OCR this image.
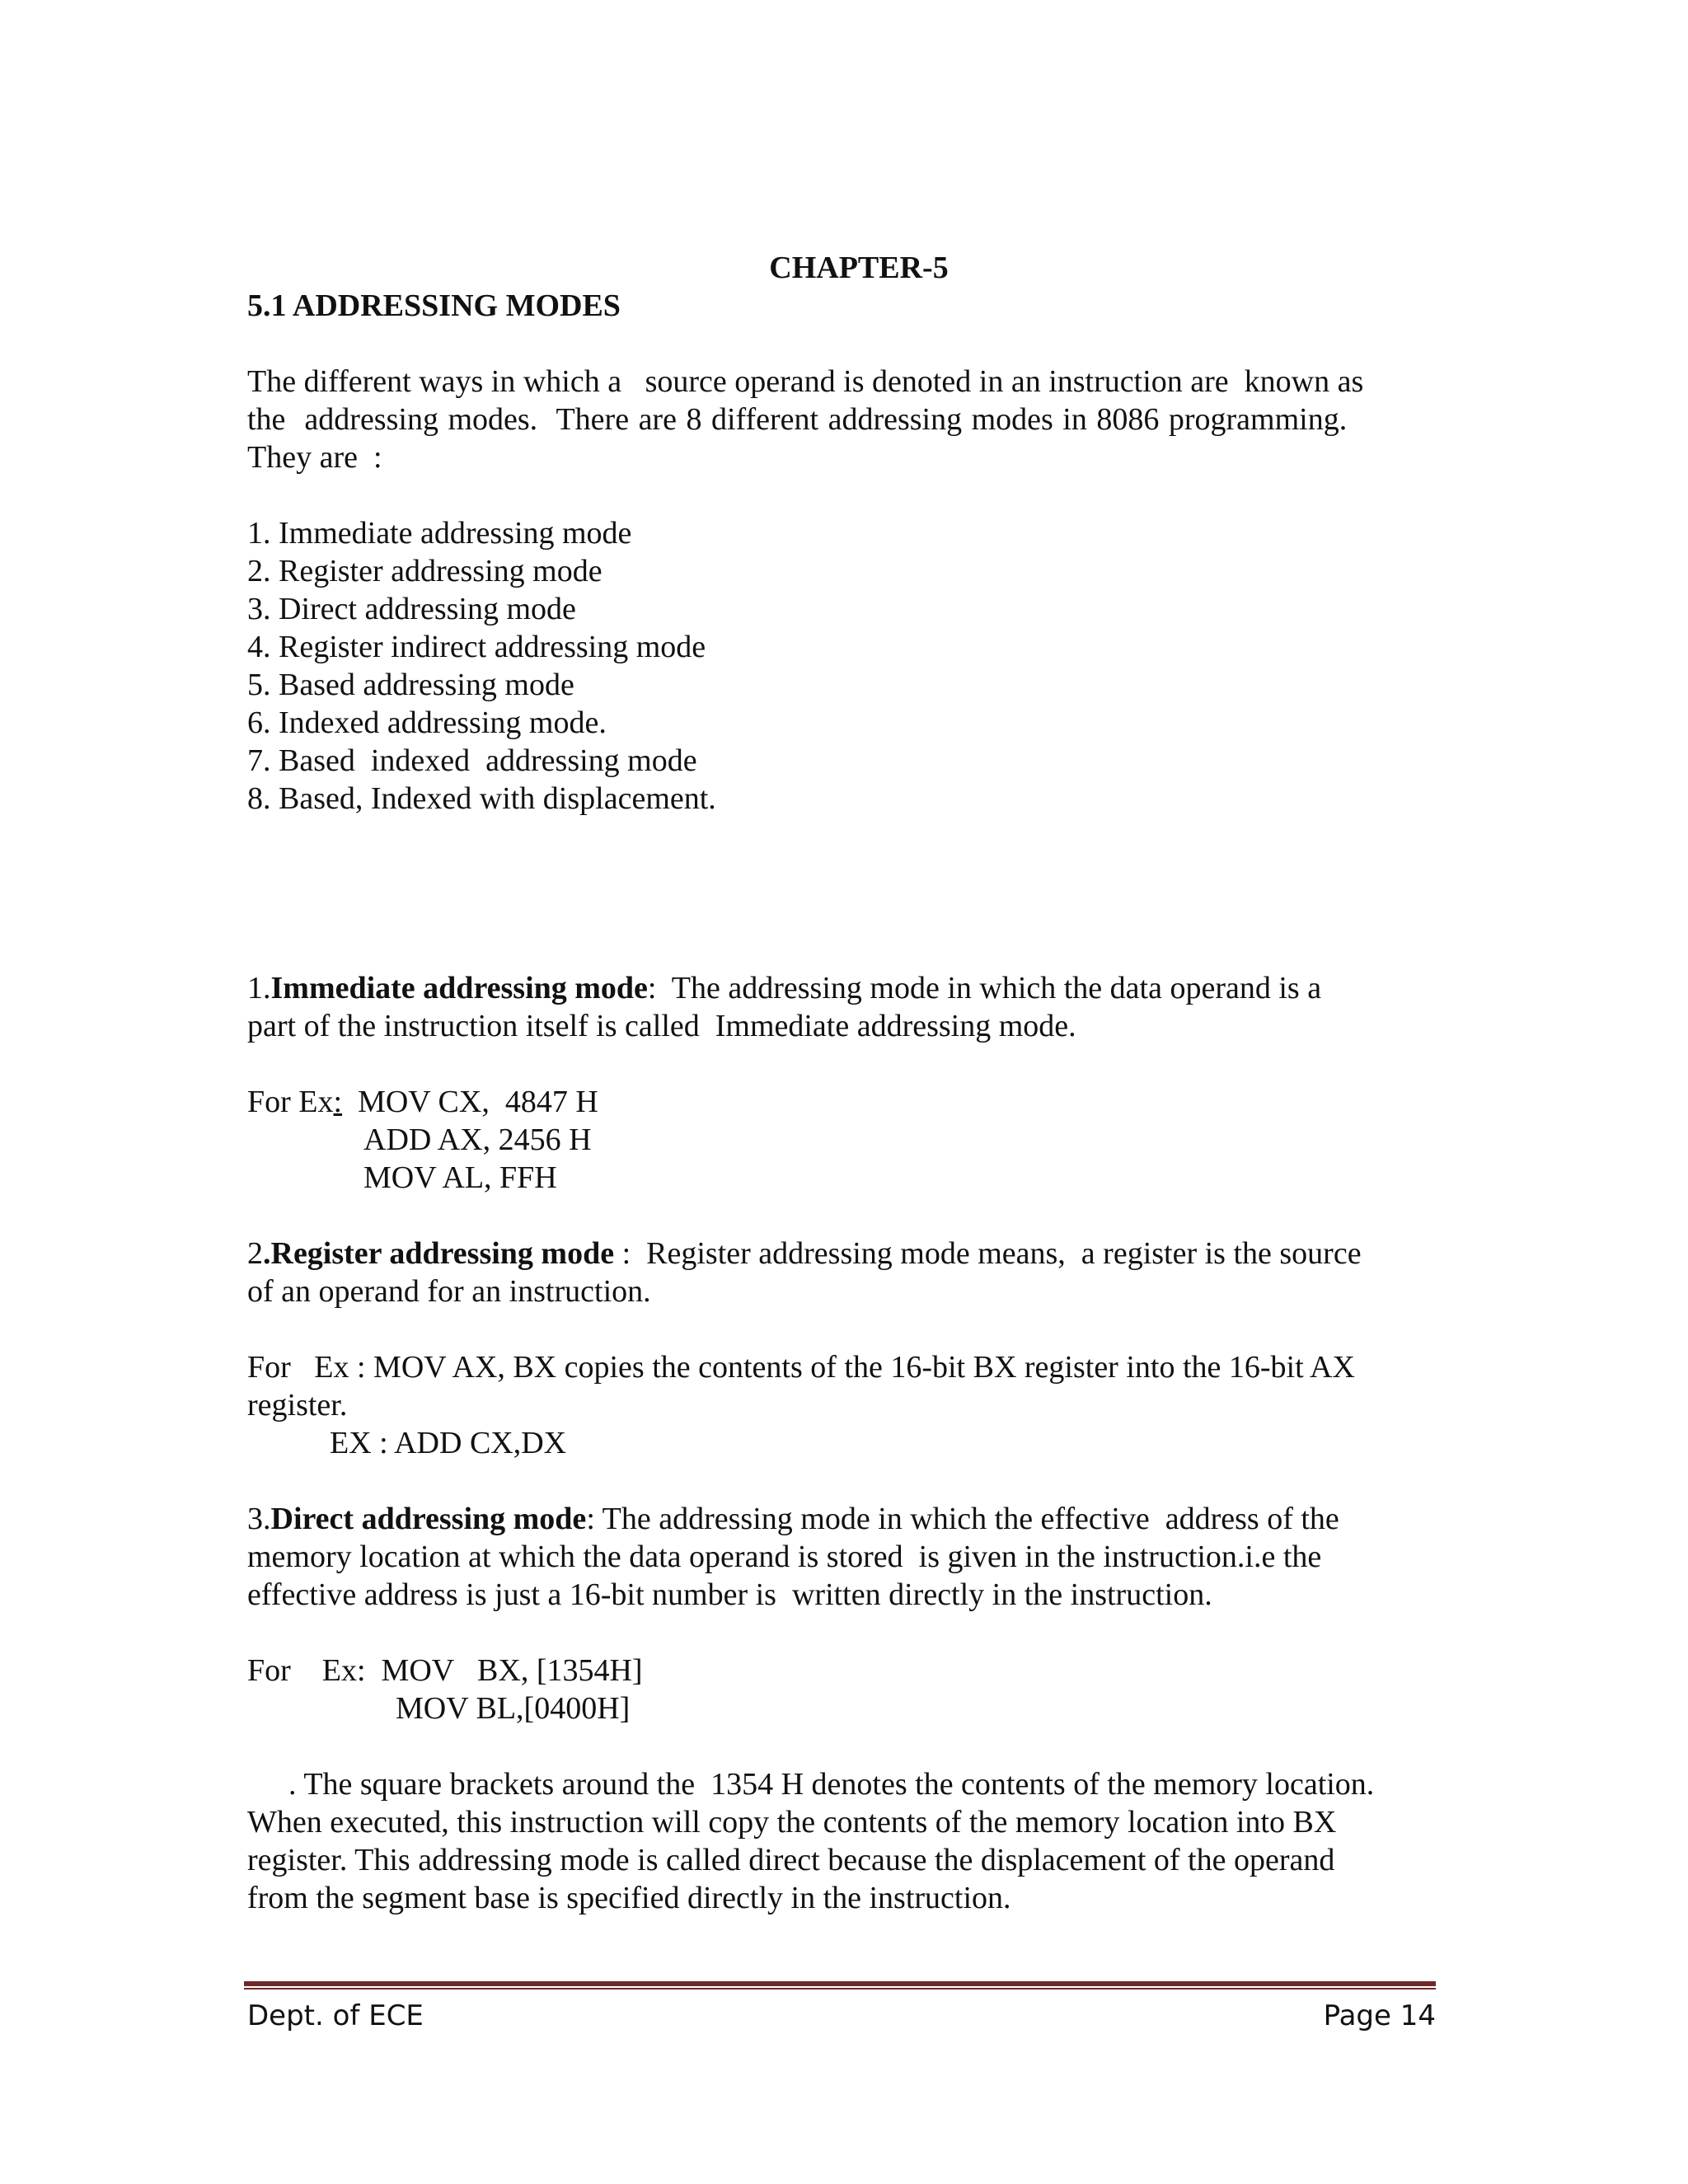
CHAPTER-5
5.1 ADDRESSING MODES
The different ways in which a   source operand is denoted in an instruction are  known as
the  addressing modes.  There are 8 different addressing modes in 8086 programming.
They are  :
1. Immediate addressing mode
2. Register addressing mode
3. Direct addressing mode
4. Register indirect addressing mode
5. Based addressing mode
6. Indexed addressing mode.
7. Based  indexed  addressing mode
8. Based, Indexed with displacement.
1.Immediate addressing mode:  The addressing mode in which the data operand is a
part of the instruction itself is called  Immediate addressing mode.
For Ex:  MOV CX,  4847 H
ADD AX, 2456 H
MOV AL, FFH
2.Register addressing mode :  Register addressing mode means,  a register is the source
of an operand for an instruction.
For   Ex : MOV AX, BX copies the contents of the 16-bit BX register into the 16-bit AX
register.
EX : ADD CX,DX
3.Direct addressing mode: The addressing mode in which the effective  address of the
memory location at which the data operand is stored  is given in the instruction.i.e the
effective address is just a 16-bit number is  written directly in the instruction.
For    Ex:  MOV   BX, [1354H]
MOV BL,[0400H]
. The square brackets around the  1354 H denotes the contents of the memory location.
When executed, this instruction will copy the contents of the memory location into BX
register. This addressing mode is called direct because the displacement of the operand
from the segment base is specified directly in the instruction.
Dept. of ECE	Page 14
